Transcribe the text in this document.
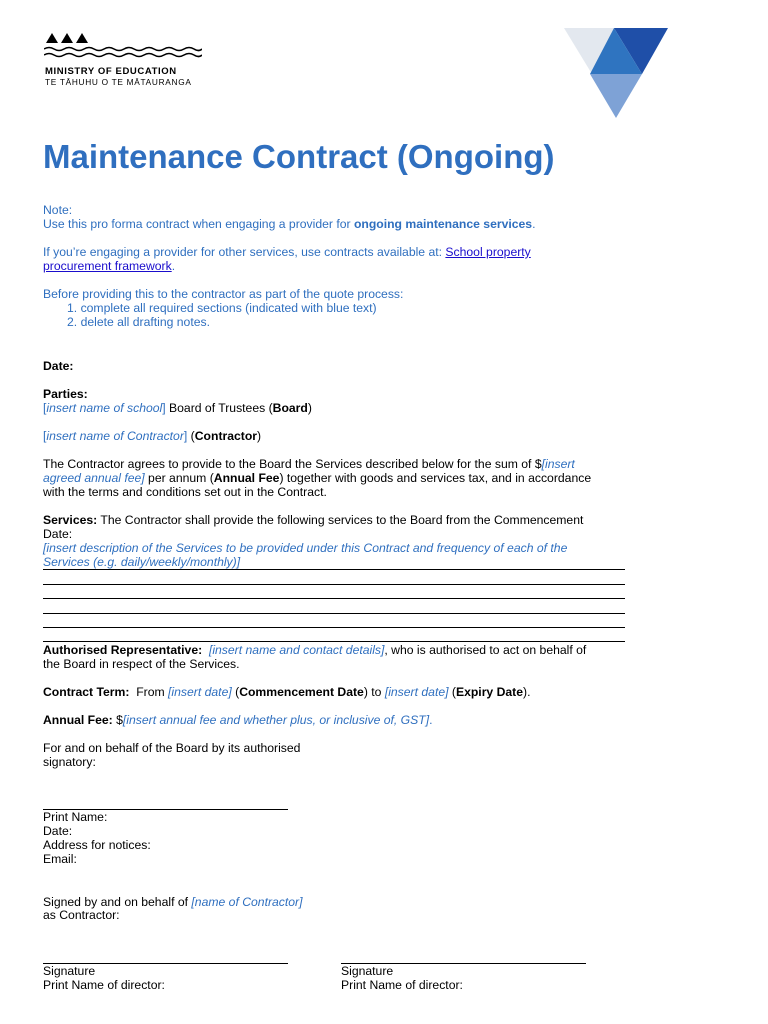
MINISTRY OF EDUCATION
TE TĀHUHU O TE MĀTAURANGA
Maintenance Contract (Ongoing)
Note:
Use this pro forma contract when engaging a provider for ongoing maintenance services.
If you’re engaging a provider for other services, use contracts available at: School property
procurement framework.
Before providing this to the contractor as part of the quote process:
1. complete all required sections (indicated with blue text)
2. delete all drafting notes.
Date:
Parties:
[insert name of school] Board of Trustees (Board)
[insert name of Contractor] (Contractor)
The Contractor agrees to provide to the Board the Services described below for the sum of $[insert
agreed annual fee] per annum (Annual Fee) together with goods and services tax, and in accordance
with the terms and conditions set out in the Contract.
Services: The Contractor shall provide the following services to the Board from the Commencement
Date:
[insert description of the Services to be provided under this Contract and frequency of each of the
Services (e.g. daily/weekly/monthly)]
Authorised Representative: [insert name and contact details], who is authorised to act on behalf of
the Board in respect of the Services.
Contract Term:  From [insert date] (Commencement Date) to [insert date] (Expiry Date).
Annual Fee: $[insert annual fee and whether plus, or inclusive of, GST].
For and on behalf of the Board by its authorised
signatory:
Print Name:
Date:
Address for notices:
Email:
Signed by and on behalf of [name of Contractor]
as Contractor:
Signature
Print Name of director:
Signature
Print Name of director:
